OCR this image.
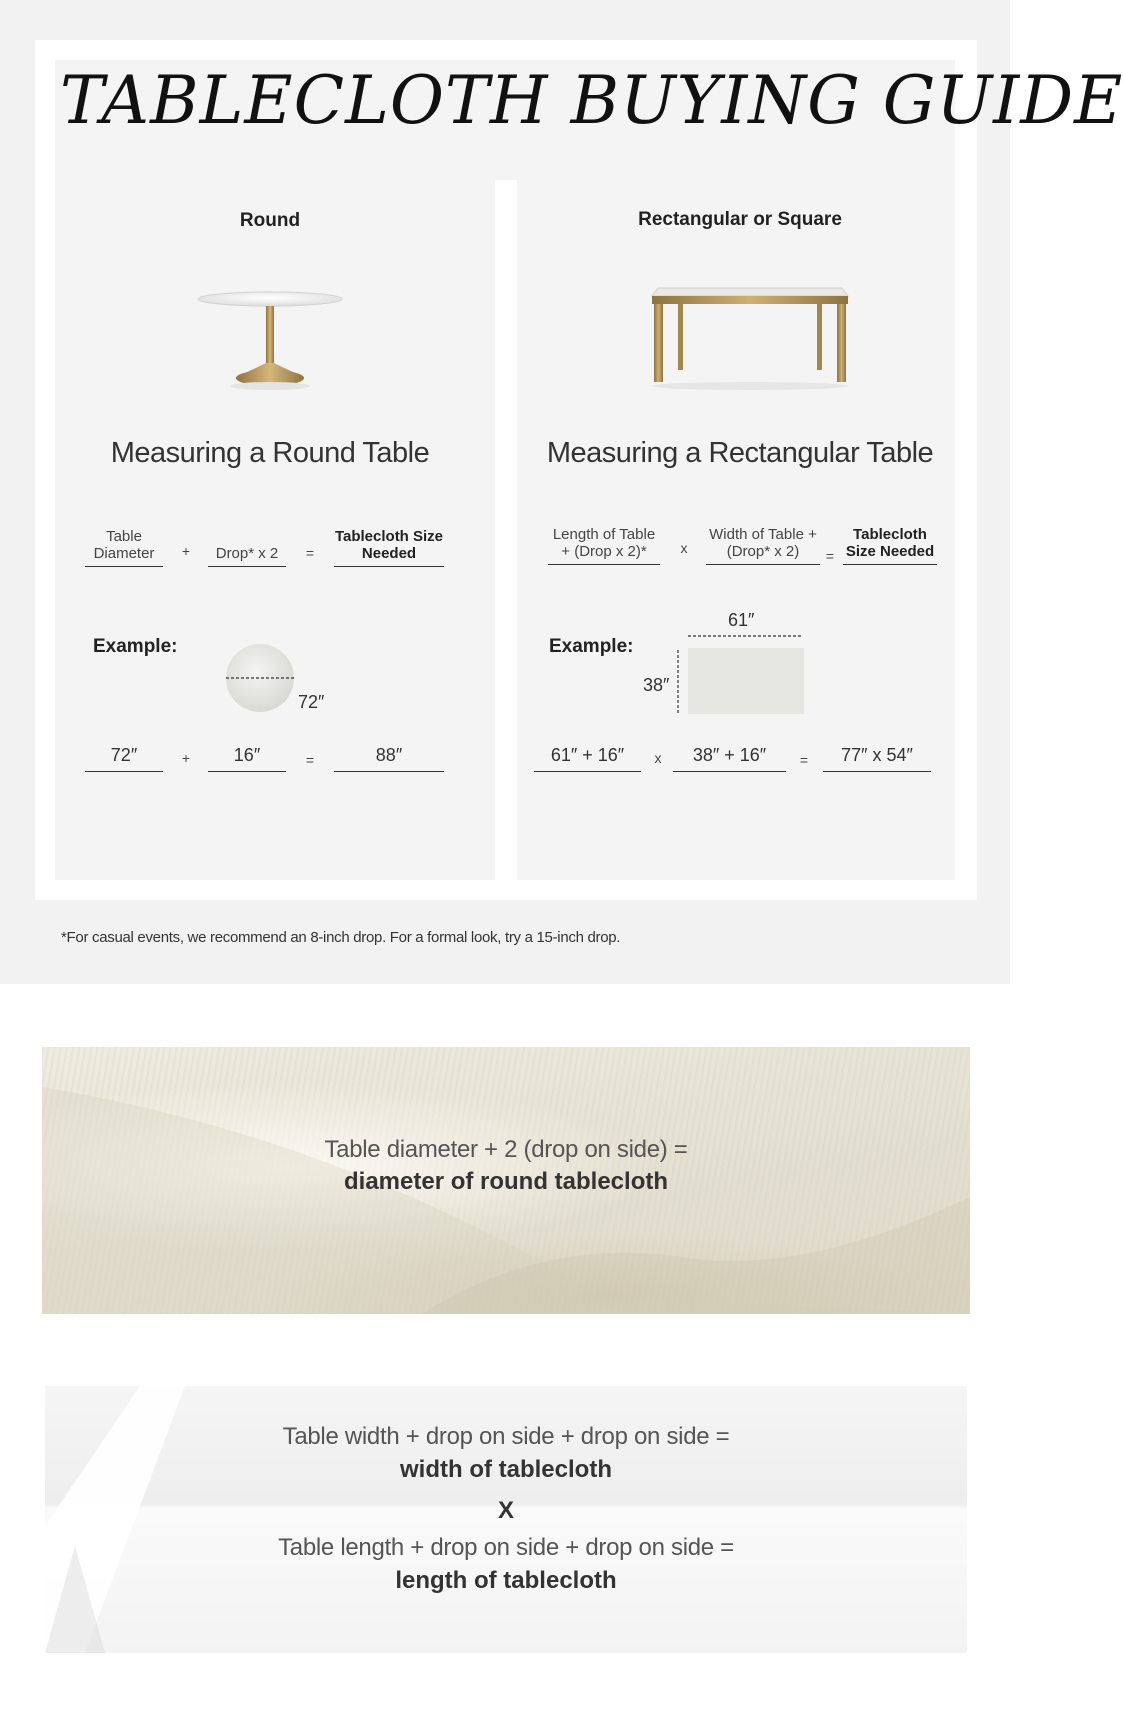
TABLECLOTH BUYING GUIDE
Round
Measuring a Round Table
Table Diameter	+	Drop* x 2	=
Tablecloth Size Needed
Example:
72″
72″	+	16″	=	88″
Rectangular or Square
Measuring a Rectangular Table
Length of Table + (Drop x 2)*	x
Width of Table + (Drop* x 2)	=
Tablecloth Size Needed
Example:
61″
38″
61″ + 16″	x	38″ + 16″	=	77″ x 54″
*For casual events, we recommend an 8-inch drop. For a formal look, try a 15-inch drop.
Table diameter + 2 (drop on side) =
diameter of round tablecloth
Table width + drop on side + drop on side =
width of tablecloth
X
Table length + drop on side + drop on side =
length of tablecloth
